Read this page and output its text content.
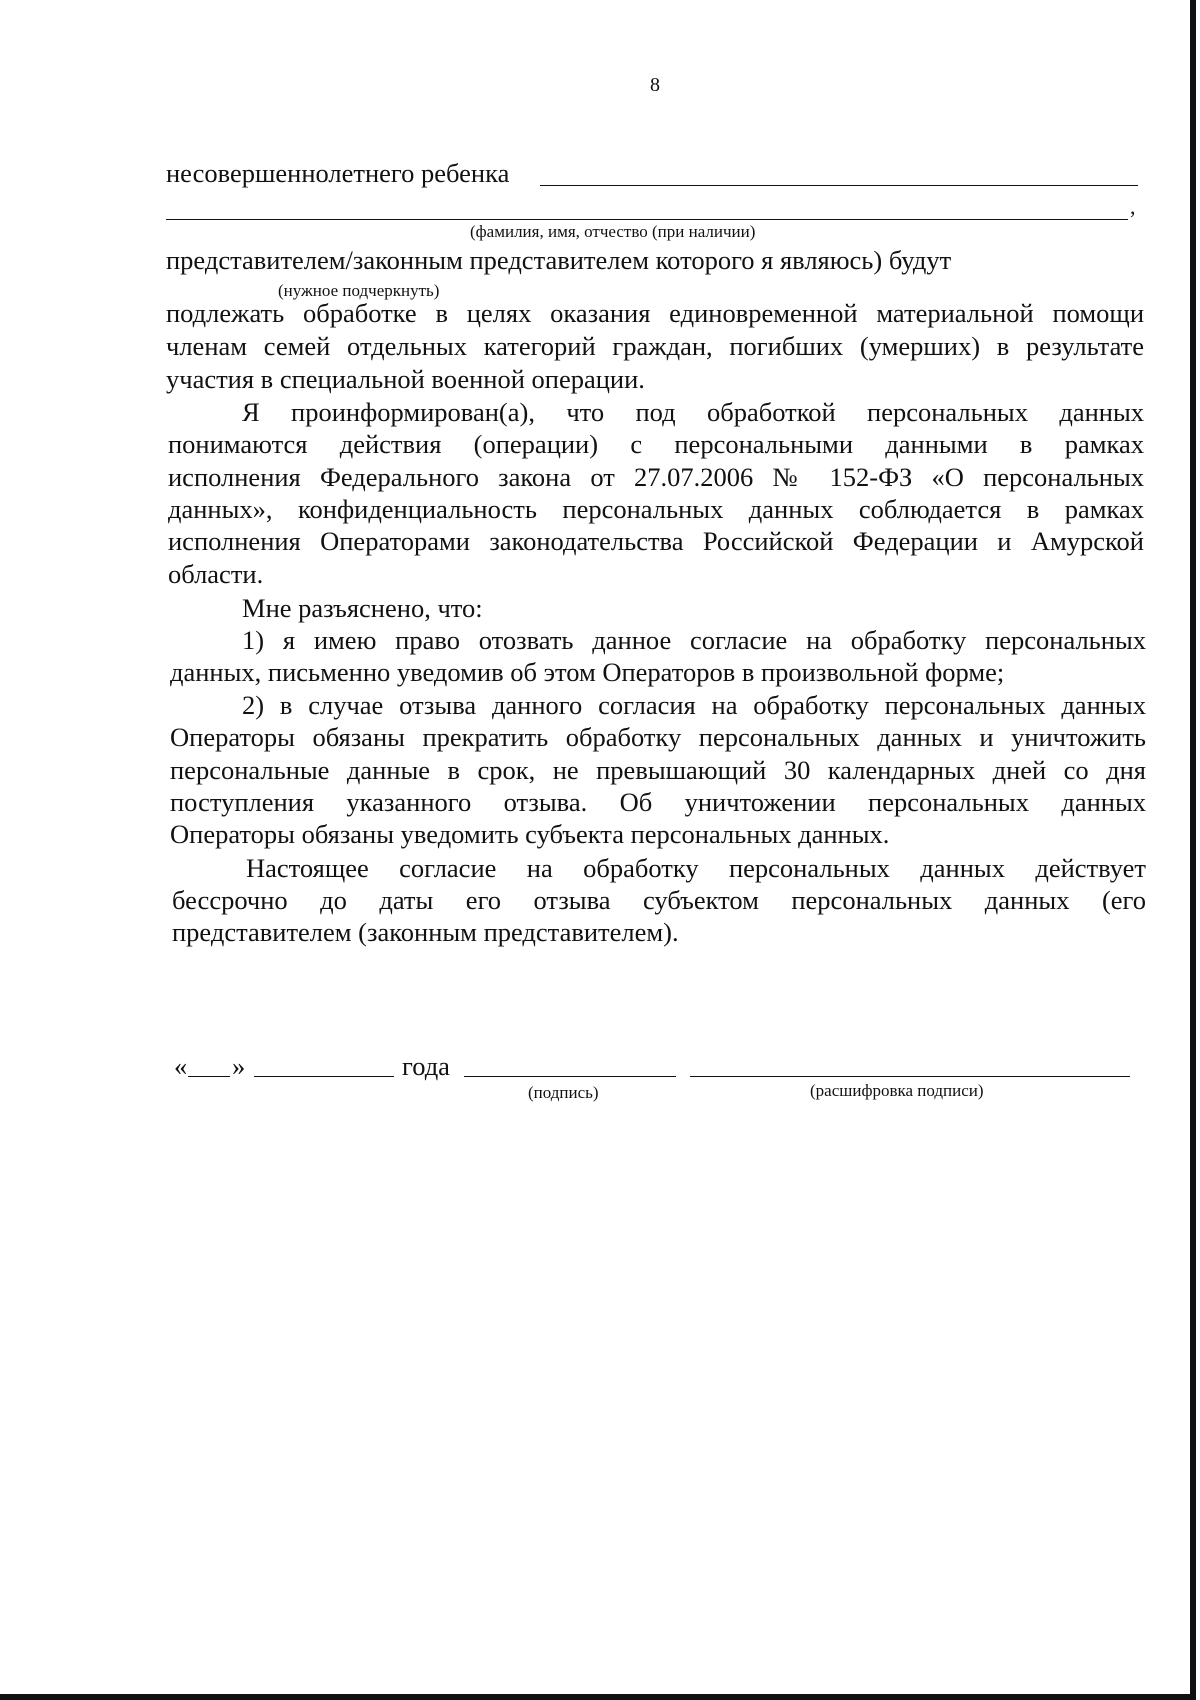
8
несовершеннолетнего ребенка
,
(фамилия, имя, отчество (при наличии)
представителем/законным представителем которого я являюсь) будут
(нужное подчеркнуть)
подлежать обработке в целях оказания единовременной материальной помощи
членам семей отдельных категорий граждан, погибших (умерших) в результате
участия в специальной военной операции.
Я проинформирован(а), что под обработкой персональных данных
понимаются действия (операции) с персональными данными в рамках
исполнения Федерального закона от 27.07.2006 № 152-ФЗ «О персональных
данных», конфиденциальность персональных данных соблюдается в рамках
исполнения Операторами законодательства Российской Федерации и Амурской
области.
Мне разъяснено, что:
1) я имею право отозвать данное согласие на обработку персональных
данных, письменно уведомив об этом Операторов в произвольной форме;
2) в случае отзыва данного согласия на обработку персональных данных
Операторы обязаны прекратить обработку персональных данных и уничтожить
персональные данные в срок, не превышающий 30 календарных дней со дня
поступления указанного отзыва. Об уничтожении персональных данных
Операторы обязаны уведомить субъекта персональных данных.
Настоящее согласие на обработку персональных данных действует
бессрочно до даты его отзыва субъектом персональных данных (его
представителем (законным представителем).
« »	года
(подпись)	(расшифровка подписи)
